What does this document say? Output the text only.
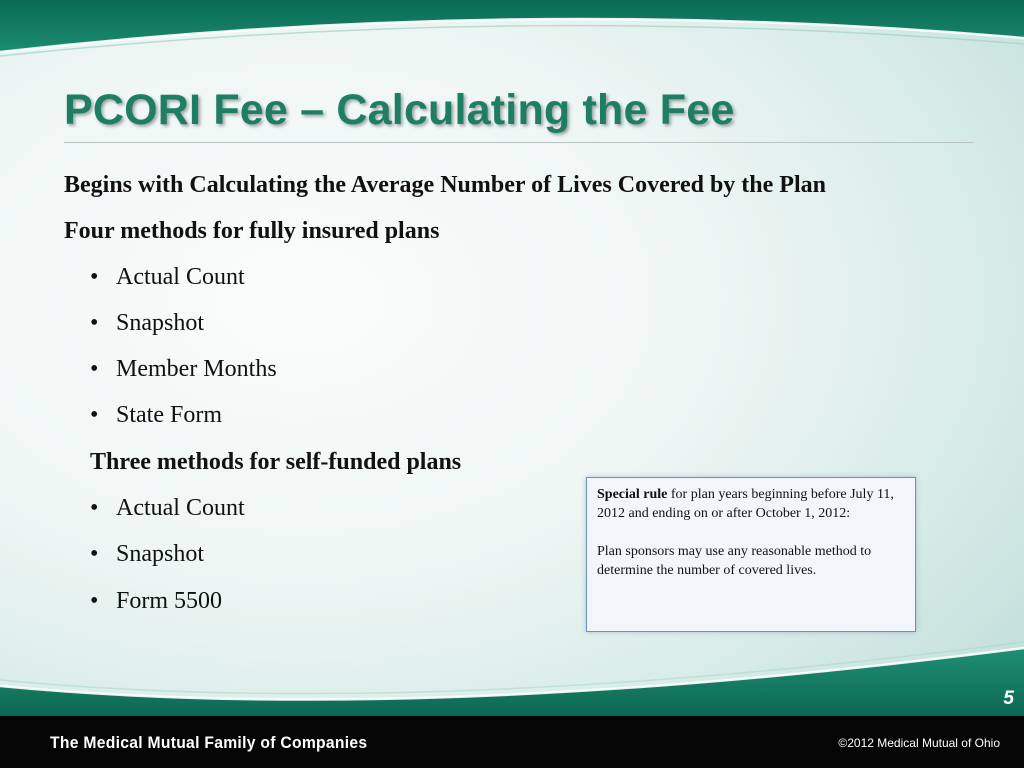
PCORI Fee – Calculating the Fee
Begins with Calculating the Average Number of Lives Covered by the Plan
Four methods for fully insured plans
• Actual Count
• Snapshot
• Member Months
• State Form
Three methods for self-funded plans
• Actual Count
• Snapshot
• Form 5500

Special rule for plan years beginning before July 11, 2012 and ending on or after October 1, 2012:

Plan sponsors may use any reasonable method to determine the number of covered lives.

5
The Medical Mutual Family of Companies	©2012 Medical Mutual of Ohio
